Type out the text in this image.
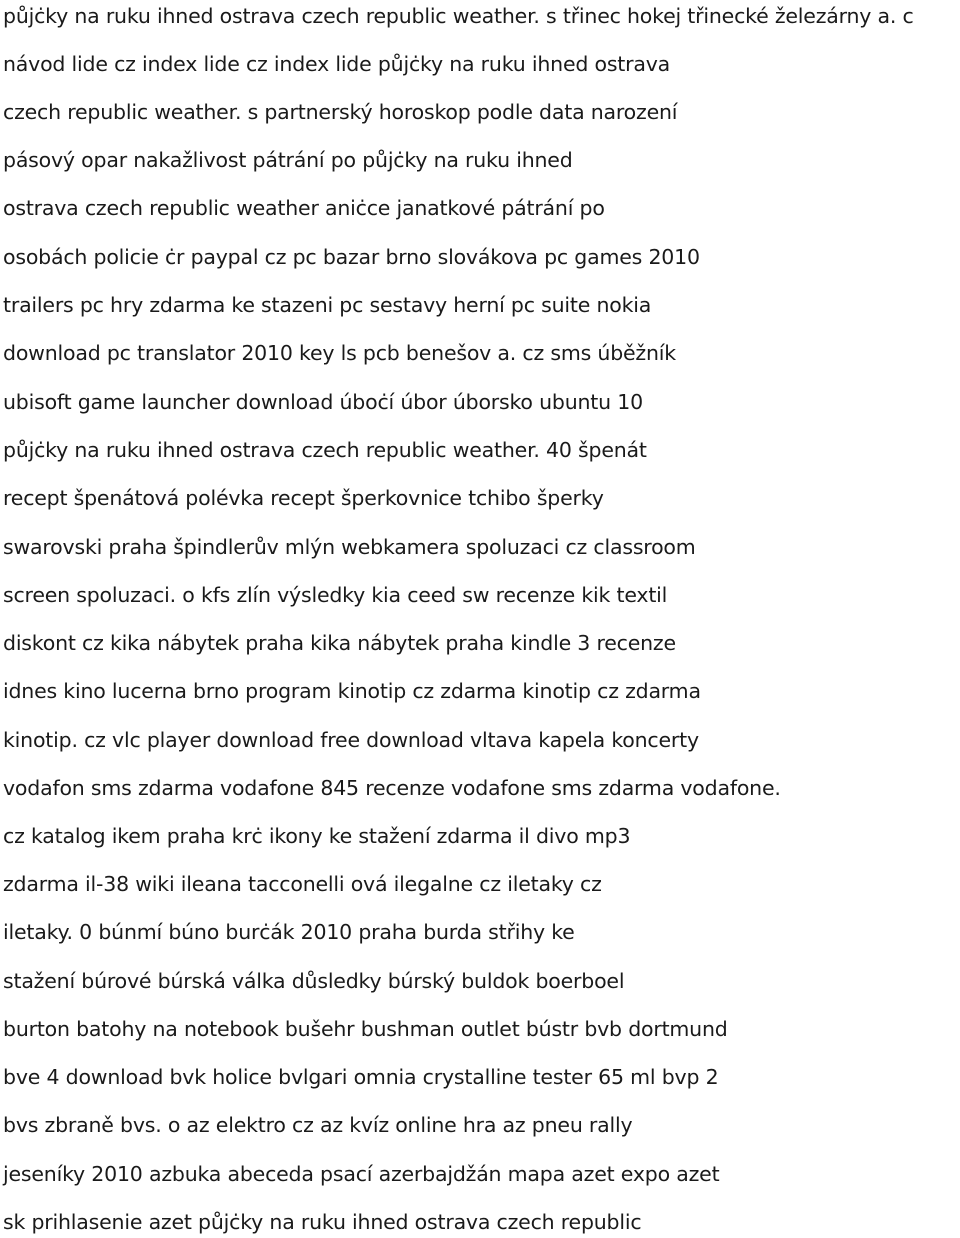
půjċky na ruku ihned ostrava czech republic weather. s třinec hokej třinecké železárny a. c
návod lide cz index lide cz index lide půjċky na ruku ihned ostrava
czech republic weather. s partnerský horoskop podle data narození
pásový opar nakažlivost pátrání po půjċky na ruku ihned
ostrava czech republic weather aniċce janatkové pátrání po
osobách policie ċr paypal cz pc bazar brno slovákova pc games 2010
trailers pc hry zdarma ke stazeni pc sestavy herní pc suite nokia
download pc translator 2010 key ls pcb benešov a. cz sms úběžník
ubisoft game launcher download úboċí úbor úborsko ubuntu 10
půjċky na ruku ihned ostrava czech republic weather. 40 špenát
recept špenátová polévka recept šperkovnice tchibo šperky
swarovski praha špindlerův mlýn webkamera spoluzaci cz classroom
screen spoluzaci. o kfs zlín výsledky kia ceed sw recenze kik textil
diskont cz kika nábytek praha kika nábytek praha kindle 3 recenze
idnes kino lucerna brno program kinotip cz zdarma kinotip cz zdarma
kinotip. cz vlc player download free download vltava kapela koncerty
vodafon sms zdarma vodafone 845 recenze vodafone sms zdarma vodafone.
cz katalog ikem praha krċ ikony ke stažení zdarma il divo mp3
zdarma il-38 wiki ileana tacconelli ová ilegalne cz iletaky cz
iletaky. 0 búnmí búno burċák 2010 praha burda střihy ke
stažení búrové búrská válka důsledky búrský buldok boerboel
burton batohy na notebook bušehr bushman outlet bústr bvb dortmund
bve 4 download bvk holice bvlgari omnia crystalline tester 65 ml bvp 2
bvs zbraně bvs. o az elektro cz az kvíz online hra az pneu rally
jeseníky 2010 azbuka abeceda psací azerbajdžán mapa azet expo azet
sk prihlasenie azet půjċky na ruku ihned ostrava czech republic
